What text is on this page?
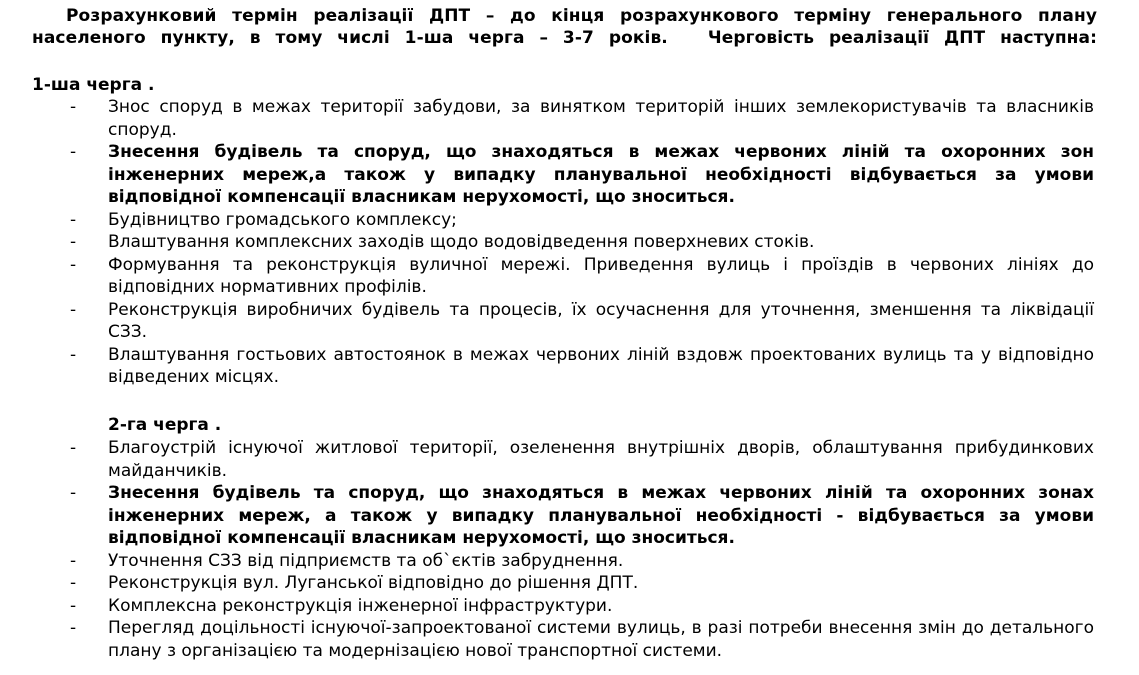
Розрахунковий термін реалізації ДПТ – до кінця розрахункового терміну генерального плану населеного пункту, в тому числі 1-ша черга – 3-7 років. Черговість реалізації ДПТ наступна:
1-ша черга .
- Знос споруд в межах території забудови, за винятком територій інших землекористувачів та власників споруд.
- Знесення будівель та споруд, що знаходяться в межах червоних ліній та охоронних зон інженерних мереж,а також у випадку планувальної необхідності відбувається за умови відповідної компенсації власникам нерухомості, що зноситься.
- Будівництво громадського комплексу;
- Влаштування комплексних заходів щодо водовідведення поверхневих стоків.
- Формування та реконструкція вуличної мережі. Приведення вулиць і проїздів в червоних лініях до відповідних нормативних профілів.
- Реконструкція виробничих будівель та процесів, їх осучаснення для уточнення, зменшення та ліквідації СЗЗ.
- Влаштування гостьових автостоянок в межах червоних ліній вздовж проектованих вулиць та у відповідно відведених місцях.
2-га черга .
- Благоустрій існуючої житлової території, озеленення внутрішніх дворів, облаштування прибудинкових майданчиків.
- Знесення будівель та споруд, що знаходяться в межах червоних ліній та охоронних зонах інженерних мереж, а також у випадку планувальної необхідності - відбувається за умови відповідної компенсації власникам нерухомості, що зноситься.
- Уточнення СЗЗ від підприємств та об`єктів забруднення.
- Реконструкція вул. Луганської відповідно до рішення ДПТ.
- Комплексна реконструкція інженерної інфраструктури.
- Перегляд доцільності існуючої-запроектованої системи вулиць, в разі потреби внесення змін до детального плану з організацією та модернізацією нової транспортної системи.
